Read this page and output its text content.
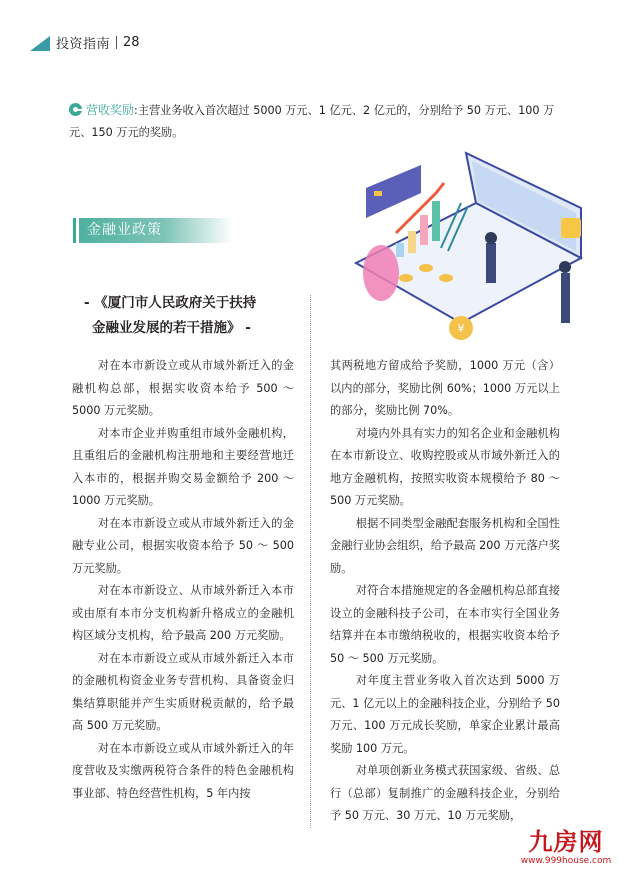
投资指南 28
营收奖励:主营业务收入首次超过 5000 万元、1 亿元、2 亿元的，分别给予 50 万元、100 万元、150 万元的奖励。
¥
金融业政策
- 《厦门市人民政府关于扶持
金融业发展的若干措施》 -

对在本市新设立或从市域外新迁入的金融机构总部，根据实收资本给予 500 ～ 5000 万元奖励。

对本市企业并购重组市域外金融机构，且重组后的金融机构注册地和主要经营地迁入本市的，根据并购交易金额给予 200 ～ 1000 万元奖励。

对在本市新设立或从市域外新迁入的金融专业公司，根据实收资本给予 50 ～ 500 万元奖励。

对在本市新设立、从市域外新迁入本市或由原有本市分支机构新升格成立的金融机构区域分支机构，给予最高 200 万元奖励。

对在本市新设立或从市域外新迁入本市的金融机构资金业务专营机构、具备资金归集结算职能并产生实质财税贡献的，给予最高 500 万元奖励。

对在本市新设立或从市域外新迁入的年度营收及实缴两税符合条件的特色金融机构事业部、特色经营性机构，5 年内按

其两税地方留成给予奖励，1000 万元（含）以内的部分，奖励比例 60%；1000 万元以上的部分，奖励比例 70%。

对境内外具有实力的知名企业和金融机构在本市新设立、收购控股或从市域外新迁入的地方金融机构，按照实收资本规模给予 80 ～ 500 万元奖励。

根据不同类型金融配套服务机构和全国性金融行业协会组织，给予最高 200 万元落户奖励。

对符合本措施规定的各金融机构总部直接设立的金融科技子公司，在本市实行全国业务结算并在本市缴纳税收的，根据实收资本给予 50 ～ 500 万元奖励。

对年度主营业务收入首次达到 5000 万元、1 亿元以上的金融科技企业，分别给予 50 万元、100 万元成长奖励，单家企业累计最高奖励 100 万元。

对单项创新业务模式获国家级、省级、总行（总部）复制推广的金融科技企业，分别给予 50 万元、30 万元、10 万元奖励，

九房网
www.999house.com
